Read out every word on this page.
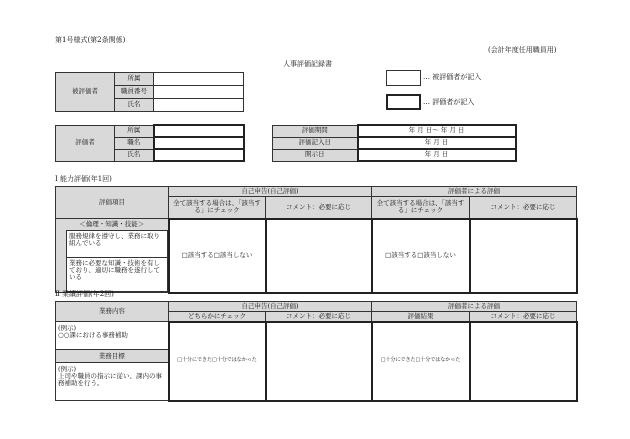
第1号様式(第2条関係)
(会計年度任用職員用)
人事評価記録書
被評価者	所属	
	職員番号	
	氏名	
… 被評価者が記入
… 評価者が記入
評価者	所属	
	職名	
	氏名	
評価期間	年 月 日～ 年 月 日
評価記入日	年 月 日
開示日	年 月 日
Ⅰ 能力評価(年1回)
評価項目	自己申告(自己評価)		評価者による評価	
	全て該当する場合は、「該当する」にチェック	コメント：必要に応じ	全て該当する場合は、「該当する」にチェック	コメント：必要に応じ

＜倫理・知識・技能＞
服務規律を遵守し、業務に取り組んでいる
業務に必要な知識・技術を有しており、適切に職務を遂行している	□該当する□該当しない		□該当する□該当しない	
Ⅱ 業績評価(年2回)
業務内容	自己申告(自己評価)		評価者による評価	
	どちらかにチェック	コメント：必要に応じ	評価結果	コメント：必要に応じ

(例示)
○○課における事務補助
業務目標
(例示)
上司や職員の指示に従い、課内の事務補助を行う。	□十分にできた□十分ではなかった		□十分にできた□十分ではなかった	
